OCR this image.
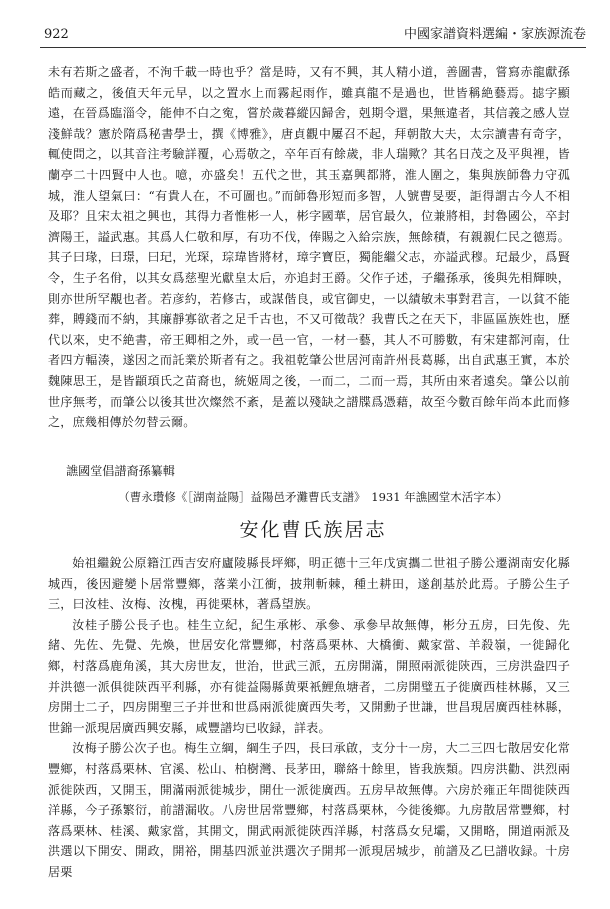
922	中國家譜資料選編・家族源流卷

未有若斯之盛者，不洵千載一時也乎？當是時，又有不興，其人精小道，善圖書，嘗寫赤龍獻孫皓而藏之，後值天年元早，以之置水上而霧起雨作，雖真龍不是過也，世皆稱絶藝焉。摅字顯遠，在晉爲臨淄令，能伸不白之寃，嘗於歲暮縱囚歸舍，剋期令還，果無違者，其信義之感人豈淺鮮哉？憲於隋爲秘書學士，撰《博雅》，唐貞觀中屢召不起，拜朝散大夫，太宗讀書有奇字，輒使問之，以其音注考驗詳覆，心焉敬之，卒年百有餘歲，非人瑞歟？其名日茂之及平與裡，皆蘭亭二十四賢中人也。噫，亦盛矣！五代之世，其玉嘉興都將，淮人圍之，集與族師魯力守孤城，淮人望氣曰：“有貴人在，不可圖也。”而師魯形短而多智，人號曹旻要，詎得謂古今人不相及耶？且宋太祖之興也，其得力者惟彬一人，彬字國華，居官最久，位兼將相，封魯國公，卒封濟陽王，謚武惠。其爲人仁敬和厚，有功不伐，俸賜之入給宗族，無餘積，有親親仁民之德焉。其子曰瑑，曰璟，曰玘，光琛，琮瑋皆將材，璋字寶臣，獨能繼父志，亦謚武穆。玘最少，爲賢令，生子名佾，以其女爲慈聖光獻皇太后，亦追封王爵。父作子述，子繼孫承，後與先相輝映，則亦世所罕覯也者。若彦約，若修古，或謀偕良，或官御史，一以績敏未事對君言，一以貧不能葬，賻錢而不納，其廉靜寡欲者之足千古也，不又可徵哉？我曹氏之在天下，非區區族姓也，歷代以來，史不絶書，帝王卿相之外，或一邑一官，一材一藝，其人不可勝數，有宋建都河南，仕者四方輻湊，遂因之而託業於斯者有之。我祖乾肇公世居河南許州長葛縣，出自武惠王實，本於魏陳思王，是皆顓頊氏之苗裔也，統姬周之後，一而二，二而一焉，其所由來者遠矣。肇公以前世序無考，而肇公以後其世次燦然不紊，是蓋以殘缺之譜牒爲憑藉，故至今數百餘年尚本此而修之，庶幾相傳於勿替云爾。

譙國堂倡譜裔孫纂輯
（曹永瓚修《［湖南益陽］益陽邑矛灘曹氏支譜》　1931 年譙國堂木活字本）
安化曹氏族居志

始祖繼銳公原籍江西吉安府廬陵縣長坪鄉，明正德十三年戊寅攜二世祖子勝公遷湖南安化縣城西，後因避變卜居常豐鄉，落業小江衝，披荆斬棘，種土耕田，遂創基於此焉。子勝公生子三，曰汝桂、汝梅、汝槐，再徙栗林，著爲望族。

汝桂子勝公長子也。桂生立紀，紀生承彬、承參、承參早故無傳，彬分五房，曰先俊、先緒、先佐、先覺、先煥，世居安化常豐鄉，村落爲栗林、大橋衝、戴家當、羊殺嶺，一徙歸化鄉，村落爲鹿角溪，其大房世友，世治，世武三派，五房開滿，開照兩派徙陝西，三房洪盎四子并洪德一派俱徙陝西平利縣，亦有徙益陽縣黄栗衹鯉魚塘者，二房開璧五子徙廣西桂林縣，又三房開士二子，四房開聖三子并世和世爲兩派徙廣西失考，又開勳子世謙，世昌現居廣西桂林縣，世錦一派現居廣西興安縣，咸豐譜均已收録，詳表。

汝梅子勝公次子也。梅生立綱，綱生子四，長曰承啟，支分十一房，大二三四七散居安化常豐鄉，村落爲栗林、官溪、松山、柏樹灣、長茅田，聯絡十餘里，皆我族類。四房洪勸、洪烈兩派徙陝西，又開玉，開滿兩派徙城步，開仕一派徙廣西。五房早故無傳。六房於雍正年間徙陝西洋縣，今子孫繁衍，前譜漏收。八房世居常豐鄉，村落爲栗林，今徙後鄉。九房散居常豐鄉，村落爲栗林、桂溪、戴家當，其開文，開武兩派徙陝西洋縣，村落爲女兒壩，又開略，開道兩派及洪選以下開安、開政，開裕，開基四派並洪選次子開邦一派現居城步，前譜及乙巳譜收録。十房居栗
